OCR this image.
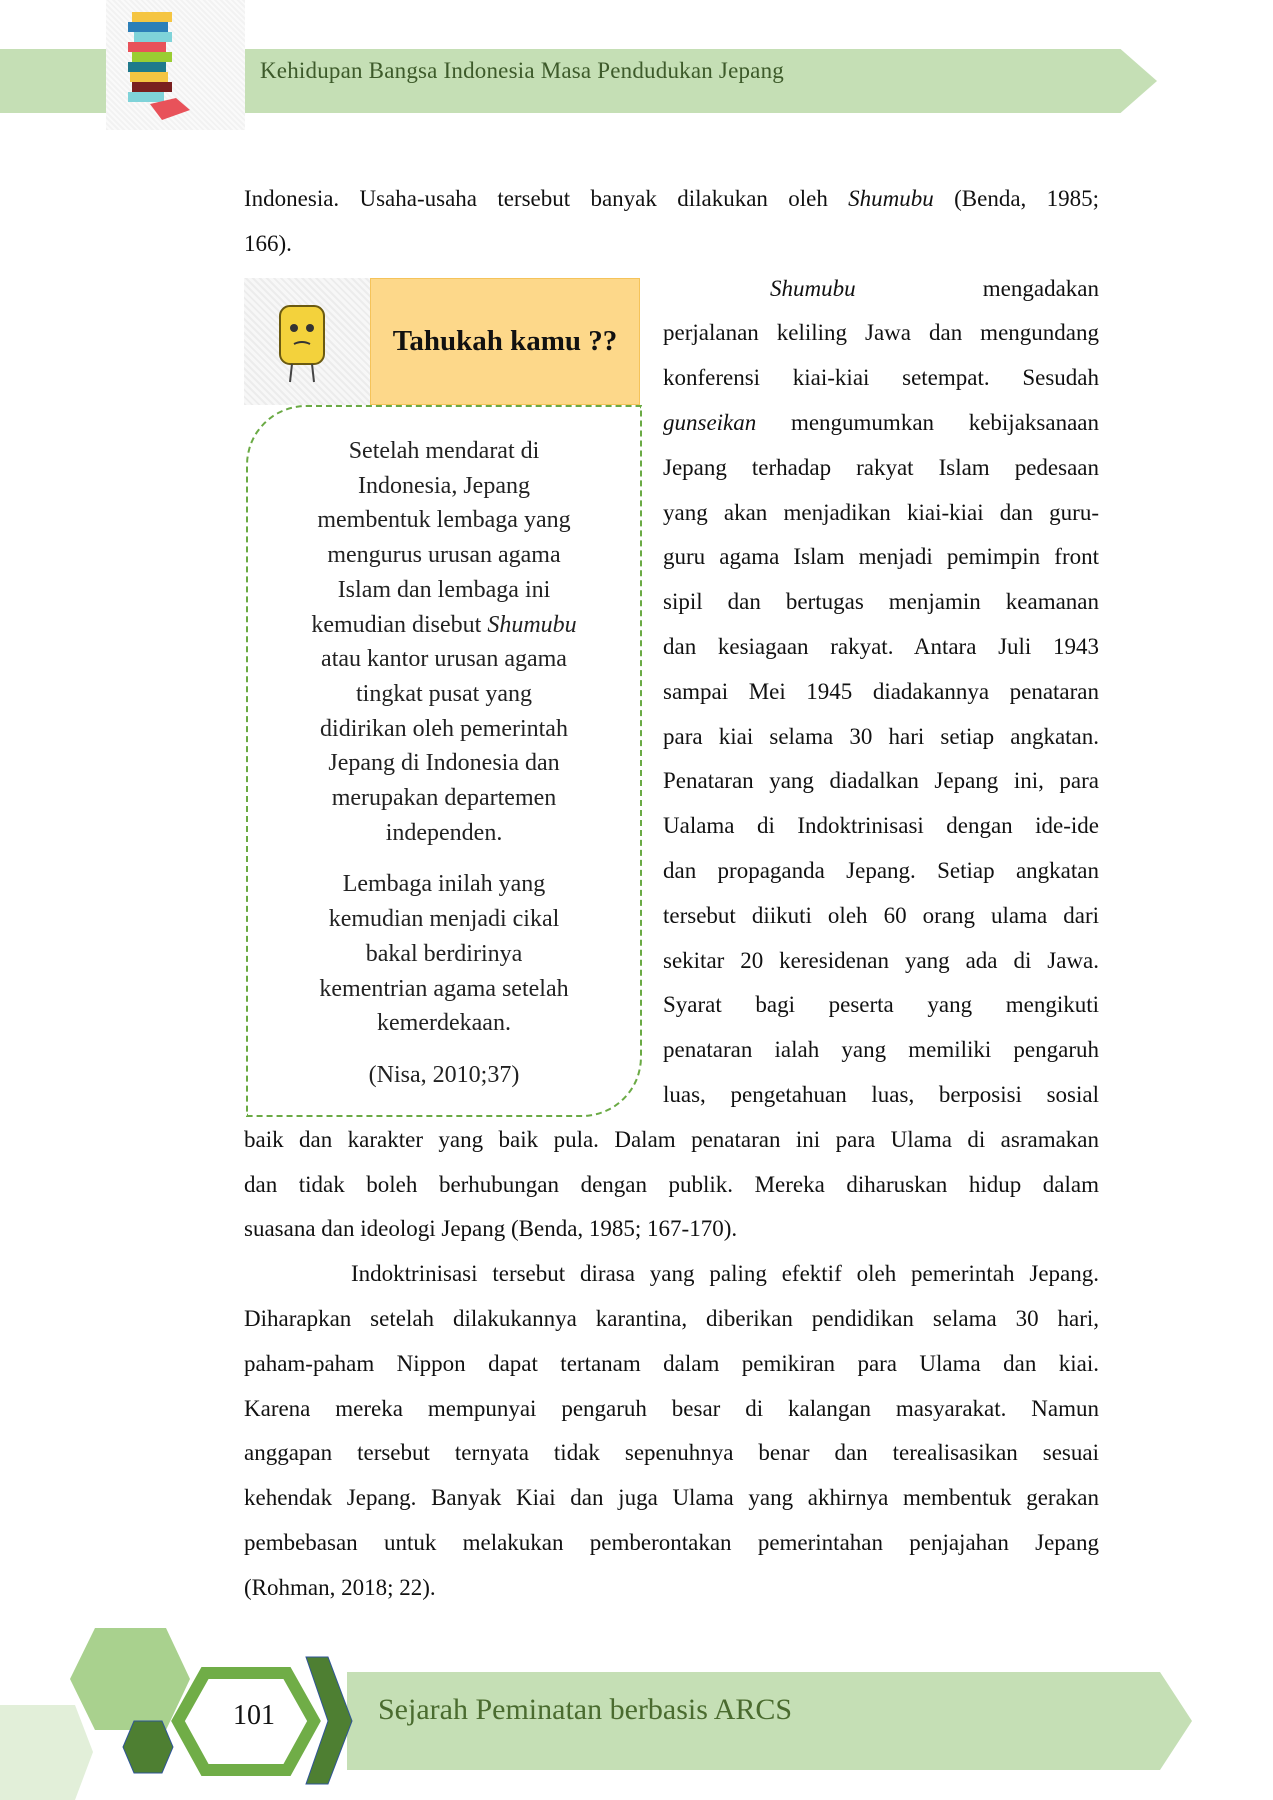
Kehidupan Bangsa Indonesia Masa Pendudukan Jepang
Indonesia. Usaha-usaha tersebut banyak dilakukan oleh Shumubu (Benda, 1985;
166).
Shumubu mengadakan
perjalanan keliling Jawa dan mengundang
konferensi kiai-kiai setempat. Sesudah
gunseikan mengumumkan kebijaksanaan
Jepang terhadap rakyat Islam pedesaan
yang akan menjadikan kiai-kiai dan guru-
guru agama Islam menjadi pemimpin front
sipil dan bertugas menjamin keamanan
dan kesiagaan rakyat. Antara Juli 1943
sampai Mei 1945 diadakannya penataran
para kiai selama 30 hari setiap angkatan.
Penataran yang diadalkan Jepang ini, para
Ualama di Indoktrinisasi dengan ide-ide
dan propaganda Jepang. Setiap angkatan
tersebut diikuti oleh 60 orang ulama dari
sekitar 20 keresidenan yang ada di Jawa.
Syarat bagi peserta yang mengikuti
penataran ialah yang memiliki pengaruh
luas, pengetahuan luas, berposisi sosial
baik dan karakter yang baik pula. Dalam penataran ini para Ulama di asramakan
dan tidak boleh berhubungan dengan publik. Mereka diharuskan hidup dalam
suasana dan ideologi Jepang (Benda, 1985; 167-170).
Indoktrinisasi tersebut dirasa yang paling efektif oleh pemerintah Jepang.
Diharapkan setelah dilakukannya karantina, diberikan pendidikan selama 30 hari,
paham-paham Nippon dapat tertanam dalam pemikiran para Ulama dan kiai.
Karena mereka mempunyai pengaruh besar di kalangan masyarakat. Namun
anggapan tersebut ternyata tidak sepenuhnya benar dan terealisasikan sesuai
kehendak Jepang. Banyak Kiai dan juga Ulama yang akhirnya membentuk gerakan
pembebasan untuk melakukan pemberontakan pemerintahan penjajahan Jepang
(Rohman, 2018; 22).
Tahukah kamu ??

Setelah mendarat di
Indonesia, Jepang
membentuk lembaga yang
mengurus urusan agama
Islam dan lembaga ini
kemudian disebut Shumubu
atau kantor urusan agama
tingkat pusat yang
didirikan oleh pemerintah
Jepang di Indonesia dan
merupakan departemen
independen.

Lembaga inilah yang
kemudian menjadi cikal
bakal berdirinya
kementrian agama setelah
kemerdekaan.

(Nisa, 2010;37)

101	Sejarah Peminatan berbasis ARCS
